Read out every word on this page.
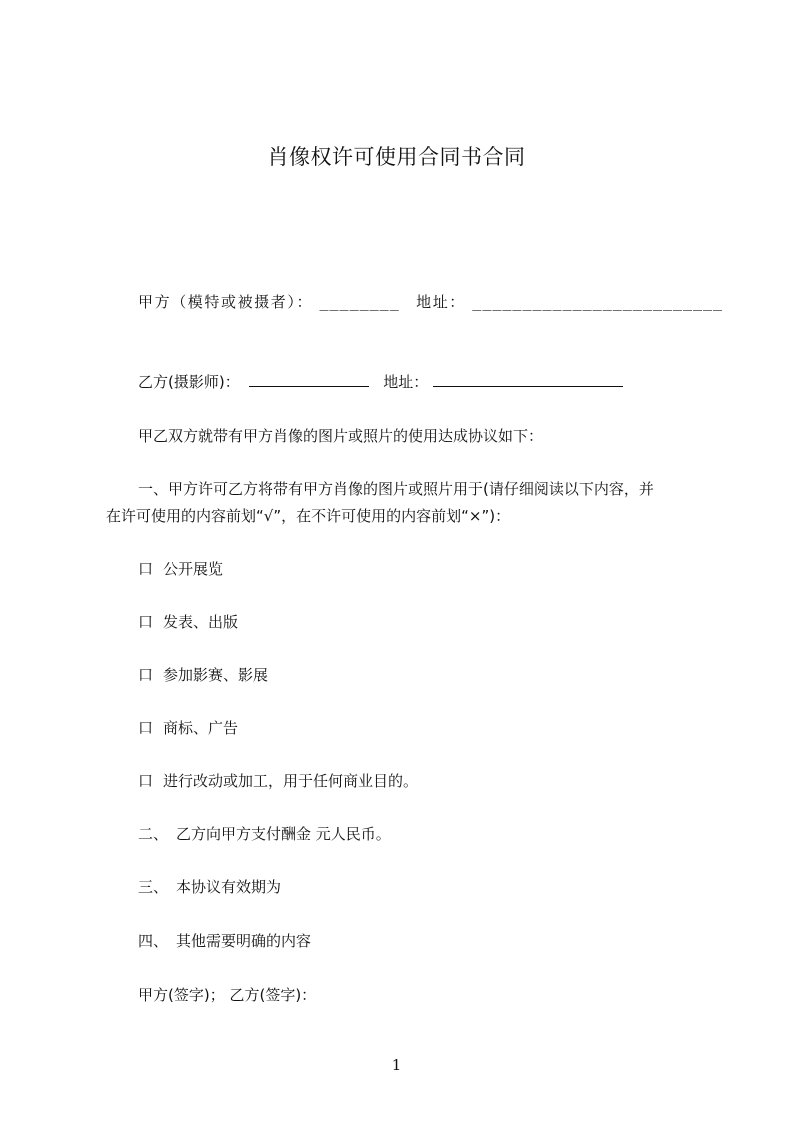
肖像权许可使用合同书合同
甲方（模特或被摄者）： ________ 地址： _________________________
乙方(摄影师)：	地址：
甲乙双方就带有甲方肖像的图片或照片的使用达成协议如下：
一、甲方许可乙方将带有甲方肖像的图片或照片用于(请仔细阅读以下内容，并
在许可使用的内容前划“√”，在不许可使用的内容前划“×”)：
口 公开展览
口 发表、出版
口 参加影赛、影展
口 商标、广告
口 进行改动或加工，用于任何商业目的。
二、 乙方向甲方支付酬金 元人民币。
三、 本协议有效期为
四、 其他需要明确的内容
甲方(签字)； 乙方(签字)：
1
